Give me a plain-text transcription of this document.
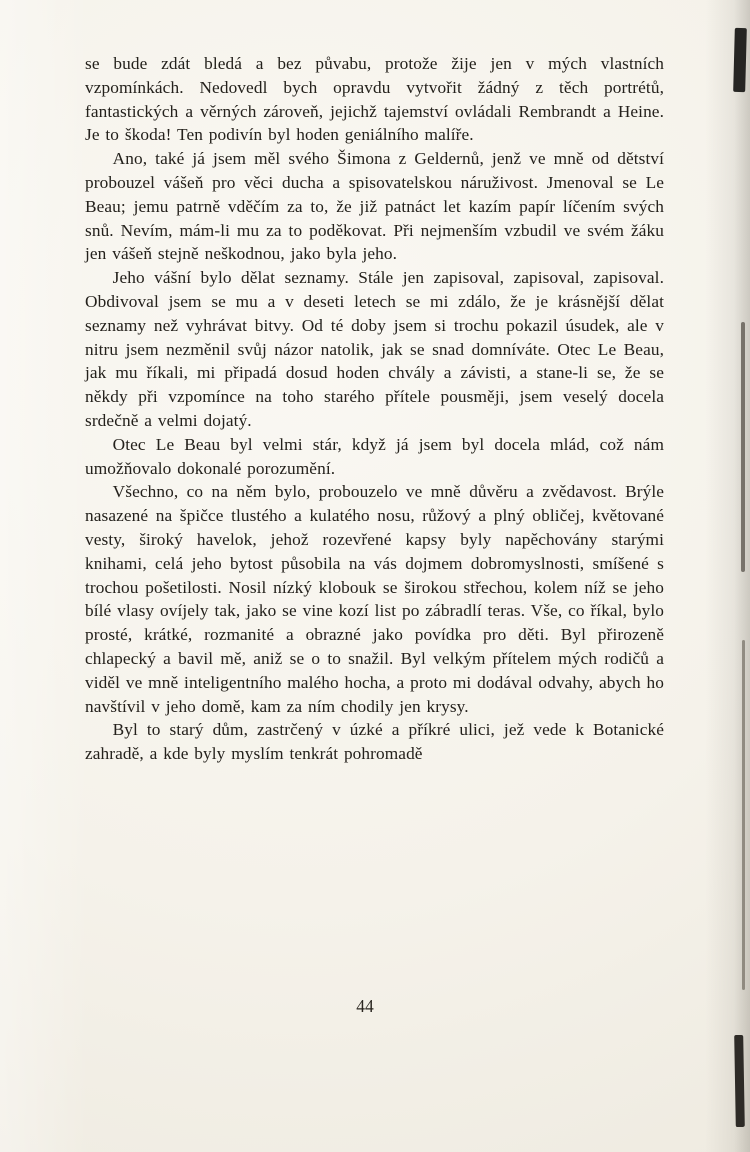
se bude zdát bledá a bez půvabu, protože žije jen v mých vlastních vzpomínkách. Nedovedl bych opravdu vytvořit žádný z těch portrétů, fantastických a věrných zároveň, jejichž tajemství ovládali Rembrandt a Heine. Je to škoda! Ten podivín byl hoden geniálního malíře.

Ano, také já jsem měl svého Šimona z Geldernů, jenž ve mně od dětství probouzel vášeň pro věci ducha a spisovatelskou náruživost. Jmenoval se Le Beau; jemu patrně vděčím za to, že již patnáct let kazím papír líčením svých snů. Nevím, mám-li mu za to poděkovat. Při nejmenším vzbudil ve svém žáku jen vášeň stejně neškodnou, jako byla jeho.

Jeho vášní bylo dělat seznamy. Stále jen zapisoval, zapisoval, zapisoval. Obdivoval jsem se mu a v deseti letech se mi zdálo, že je krásnější dělat seznamy než vyhrávat bitvy. Od té doby jsem si trochu pokazil úsudek, ale v nitru jsem nezměnil svůj názor natolik, jak se snad domníváte. Otec Le Beau, jak mu říkali, mi připadá dosud hoden chvály a závisti, a stane-li se, že se někdy při vzpomínce na toho starého přítele pousměji, jsem veselý docela srdečně a velmi dojatý.

Otec Le Beau byl velmi stár, když já jsem byl docela mlád, což nám umožňovalo dokonalé porozumění.

Všechno, co na něm bylo, probouzelo ve mně důvěru a zvědavost. Brýle nasazené na špičce tlustého a kulatého nosu, růžový a plný obličej, květované vesty, široký havelok, jehož rozevřené kapsy byly napěchovány starými knihami, celá jeho bytost působila na vás dojmem dobromyslnosti, smíšené s trochou pošetilosti. Nosil nízký klobouk se širokou střechou, kolem níž se jeho bílé vlasy ovíjely tak, jako se vine kozí list po zábradlí teras. Vše, co říkal, bylo prosté, krátké, rozmanité a obrazné jako povídka pro děti. Byl přirozeně chlapecký a bavil mě, aniž se o to snažil. Byl velkým přítelem mých rodičů a viděl ve mně inteligentního malého hocha, a proto mi dodával odvahy, abych ho navštívil v jeho domě, kam za ním chodily jen krysy.

Byl to starý dům, zastrčený v úzké a příkré ulici, jež vede k Botanické zahradě, a kde byly myslím tenkrát pohromadě

44
